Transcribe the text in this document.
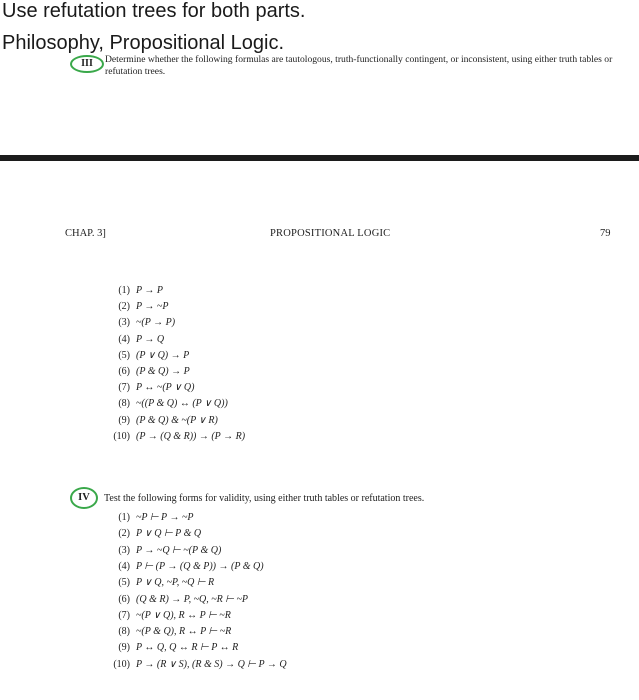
Use refutation trees for both parts.
Philosophy, Propositional Logic.
III	Determine whether the following formulas are tautologous, truth-functionally contingent, or inconsistent, using either truth tables or refutation trees.
CHAP. 3]	PROPOSITIONAL LOGIC	79
(1) P → P
(2) P → ~P
(3) ~(P → P)
(4) P → Q
(5) (P ∨ Q) → P
(6) (P & Q) → P
(7) P ↔ ~(P ∨ Q)
(8) ~((P & Q) ↔ (P ∨ Q))
(9) (P & Q) & ~(P ∨ R)
(10) (P → (Q & R)) → (P → R)
IV	Test the following forms for validity, using either truth tables or refutation trees.
(1) ~P ⊢ P → ~P
(2) P ∨ Q ⊢ P & Q
(3) P → ~Q ⊢ ~(P & Q)
(4) P ⊢ (P → (Q & P)) → (P & Q)
(5) P ∨ Q, ~P, ~Q ⊢ R
(6) (Q & R) → P, ~Q, ~R ⊢ ~P
(7) ~(P ∨ Q), R ↔ P ⊢ ~R
(8) ~(P & Q), R ↔ P ⊢ ~R
(9) P ↔ Q, Q ↔ R ⊢ P ↔ R
(10) P → (R ∨ S), (R & S) → Q ⊢ P → Q
